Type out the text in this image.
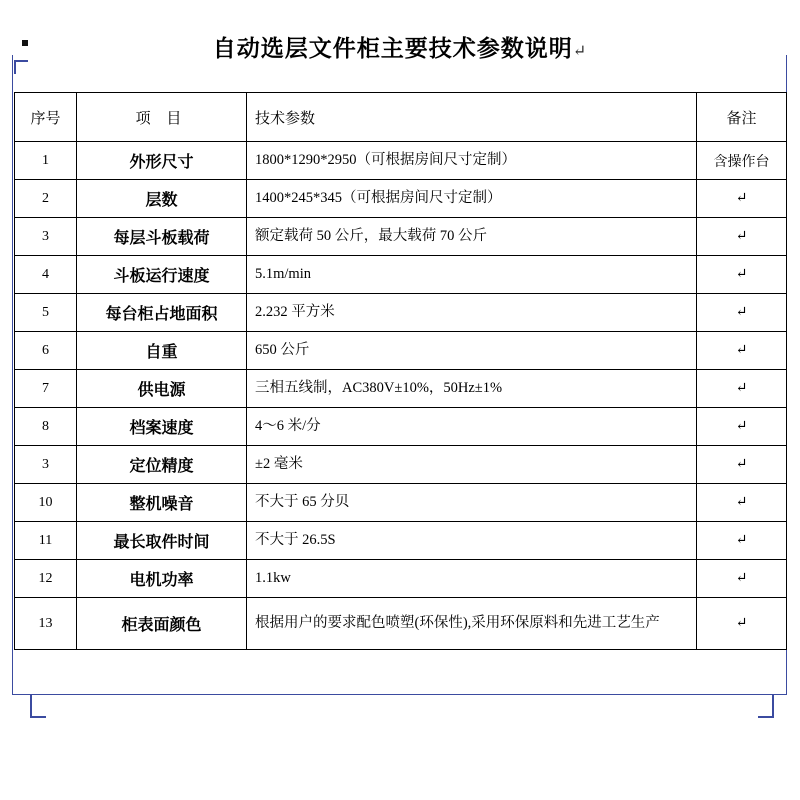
自动选层文件柜主要技术参数说明↵
序号	项 目	技术参数	备注
1	外形尺寸	1800*1290*2950（可根据房间尺寸定制）	含操作台
2	层数	1400*245*345（可根据房间尺寸定制）	↵
3	每层斗板载荷	额定载荷 50 公斤，最大载荷 70 公斤	↵
4	斗板运行速度	5.1m/min	↵
5	每台柜占地面积	2.232 平方米	↵
6	自重	650 公斤	↵
7	供电源	三相五线制，AC380V±10%，50Hz±1%	↵
8	档案速度	4～6 米/分	↵
3	定位精度	±2 毫米	↵
10	整机噪音	不大于 65 分贝	↵
11	最长取件时间	不大于 26.5S	↵
12	电机功率	1.1kw	↵
13	柜表面颜色	根据用户的要求配色喷塑(环保性),采用环保原料和先进工艺生产	↵
